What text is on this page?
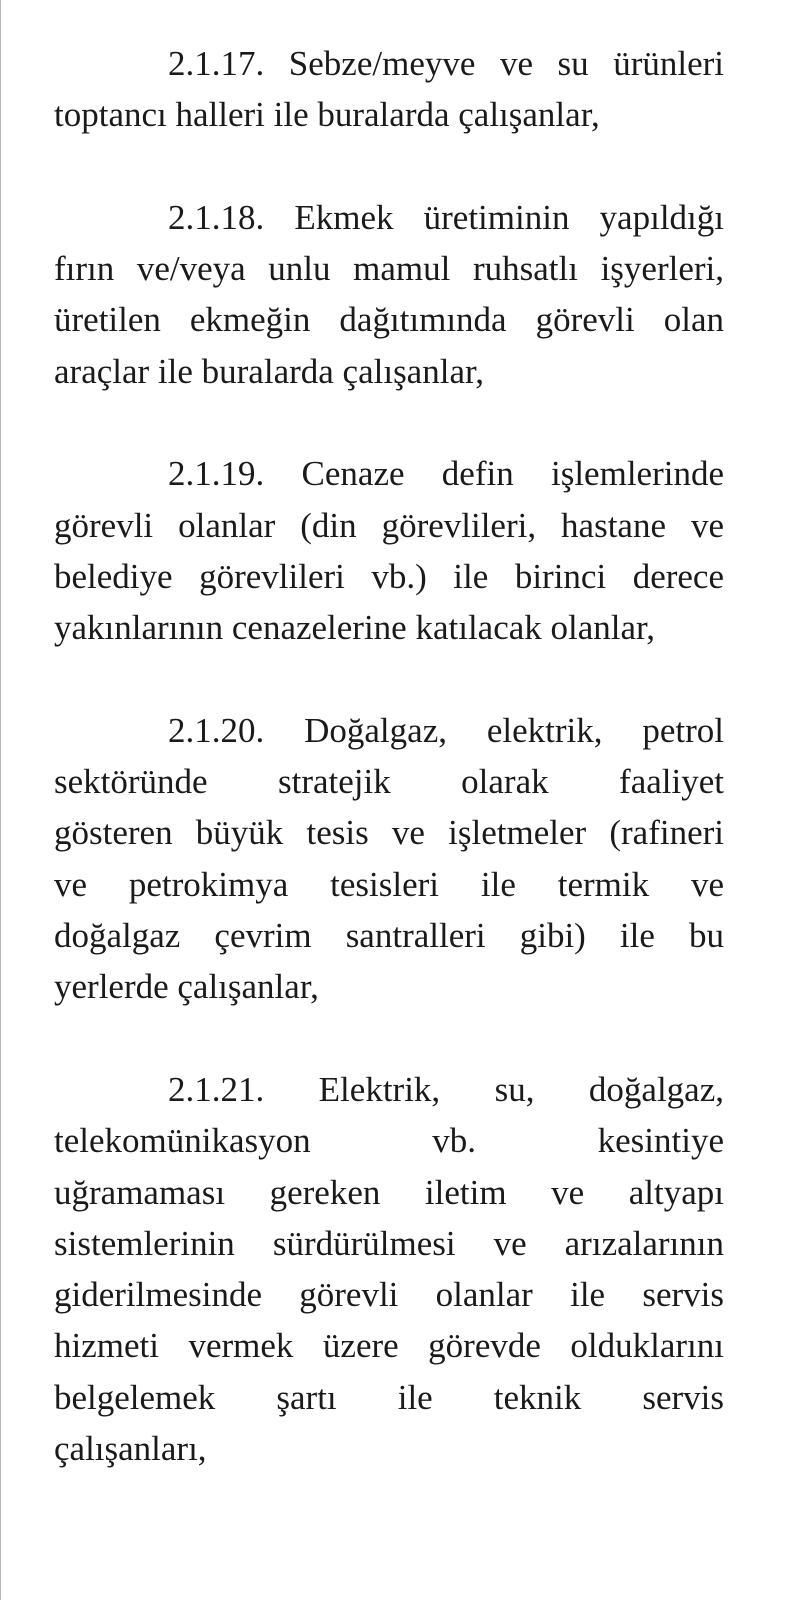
2.1.17. Sebze/meyve ve su ürünleri
toptancı halleri ile buralarda çalışanlar,
2.1.18. Ekmek üretiminin yapıldığı
fırın ve/veya unlu mamul ruhsatlı işyerleri,
üretilen ekmeğin dağıtımında görevli olan
araçlar ile buralarda çalışanlar,
2.1.19. Cenaze defin işlemlerinde
görevli olanlar (din görevlileri, hastane ve
belediye görevlileri vb.) ile birinci derece
yakınlarının cenazelerine katılacak olanlar,
2.1.20. Doğalgaz, elektrik, petrol
sektöründe stratejik olarak faaliyet
gösteren büyük tesis ve işletmeler (rafineri
ve petrokimya tesisleri ile termik ve
doğalgaz çevrim santralleri gibi) ile bu
yerlerde çalışanlar,
2.1.21. Elektrik, su, doğalgaz,
telekomünikasyon vb. kesintiye
uğramaması gereken iletim ve altyapı
sistemlerinin sürdürülmesi ve arızalarının
giderilmesinde görevli olanlar ile servis
hizmeti vermek üzere görevde olduklarını
belgelemek şartı ile teknik servis
çalışanları,
